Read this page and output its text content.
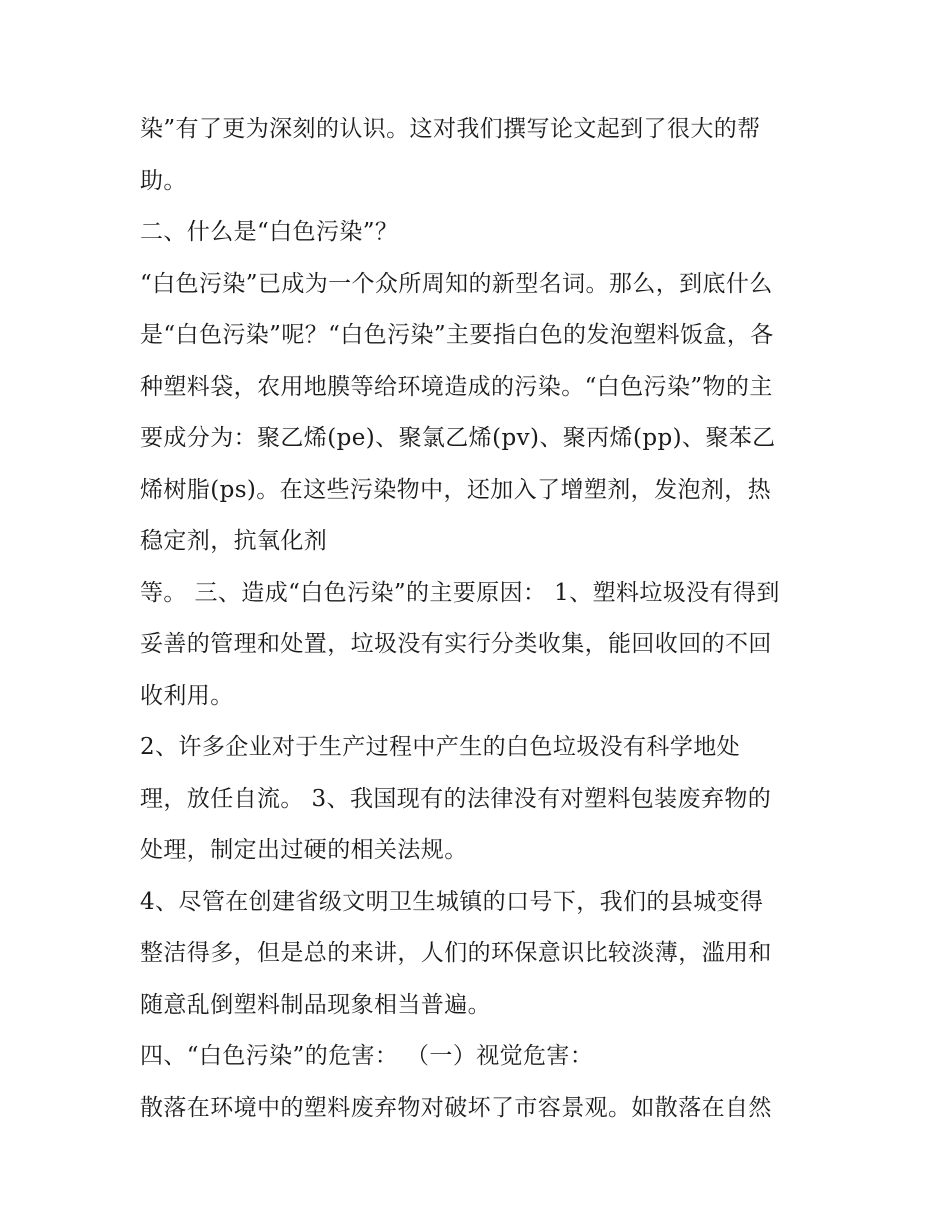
染”有了更为深刻的认识。这对我们撰写论文起到了很大的帮
助。
二、什么是“白色污染”？
“白色污染”已成为一个众所周知的新型名词。那么，到底什么
是“白色污染”呢？“白色污染”主要指白色的发泡塑料饭盒，各
种塑料袋，农用地膜等给环境造成的污染。“白色污染”物的主
要成分为：聚乙烯(pe)、聚氯乙烯(pv)、聚丙烯(pp)、聚苯乙
烯树脂(ps)。在这些污染物中，还加入了增塑剂，发泡剂，热
稳定剂，抗氧化剂
等。 三、造成“白色污染”的主要原因： 1、塑料垃圾没有得到
妥善的管理和处置，垃圾没有实行分类收集，能回收回的不回
收利用。
2、许多企业对于生产过程中产生的白色垃圾没有科学地处
理，放任自流。 3、我国现有的法律没有对塑料包装废弃物的
处理，制定出过硬的相关法规。
4、尽管在创建省级文明卫生城镇的口号下，我们的县城变得
整洁得多，但是总的来讲，人们的环保意识比较淡薄，滥用和
随意乱倒塑料制品现象相当普遍。
四、“白色污染”的危害： （一）视觉危害：
散落在环境中的塑料废弃物对破坏了市容景观。如散落在自然
